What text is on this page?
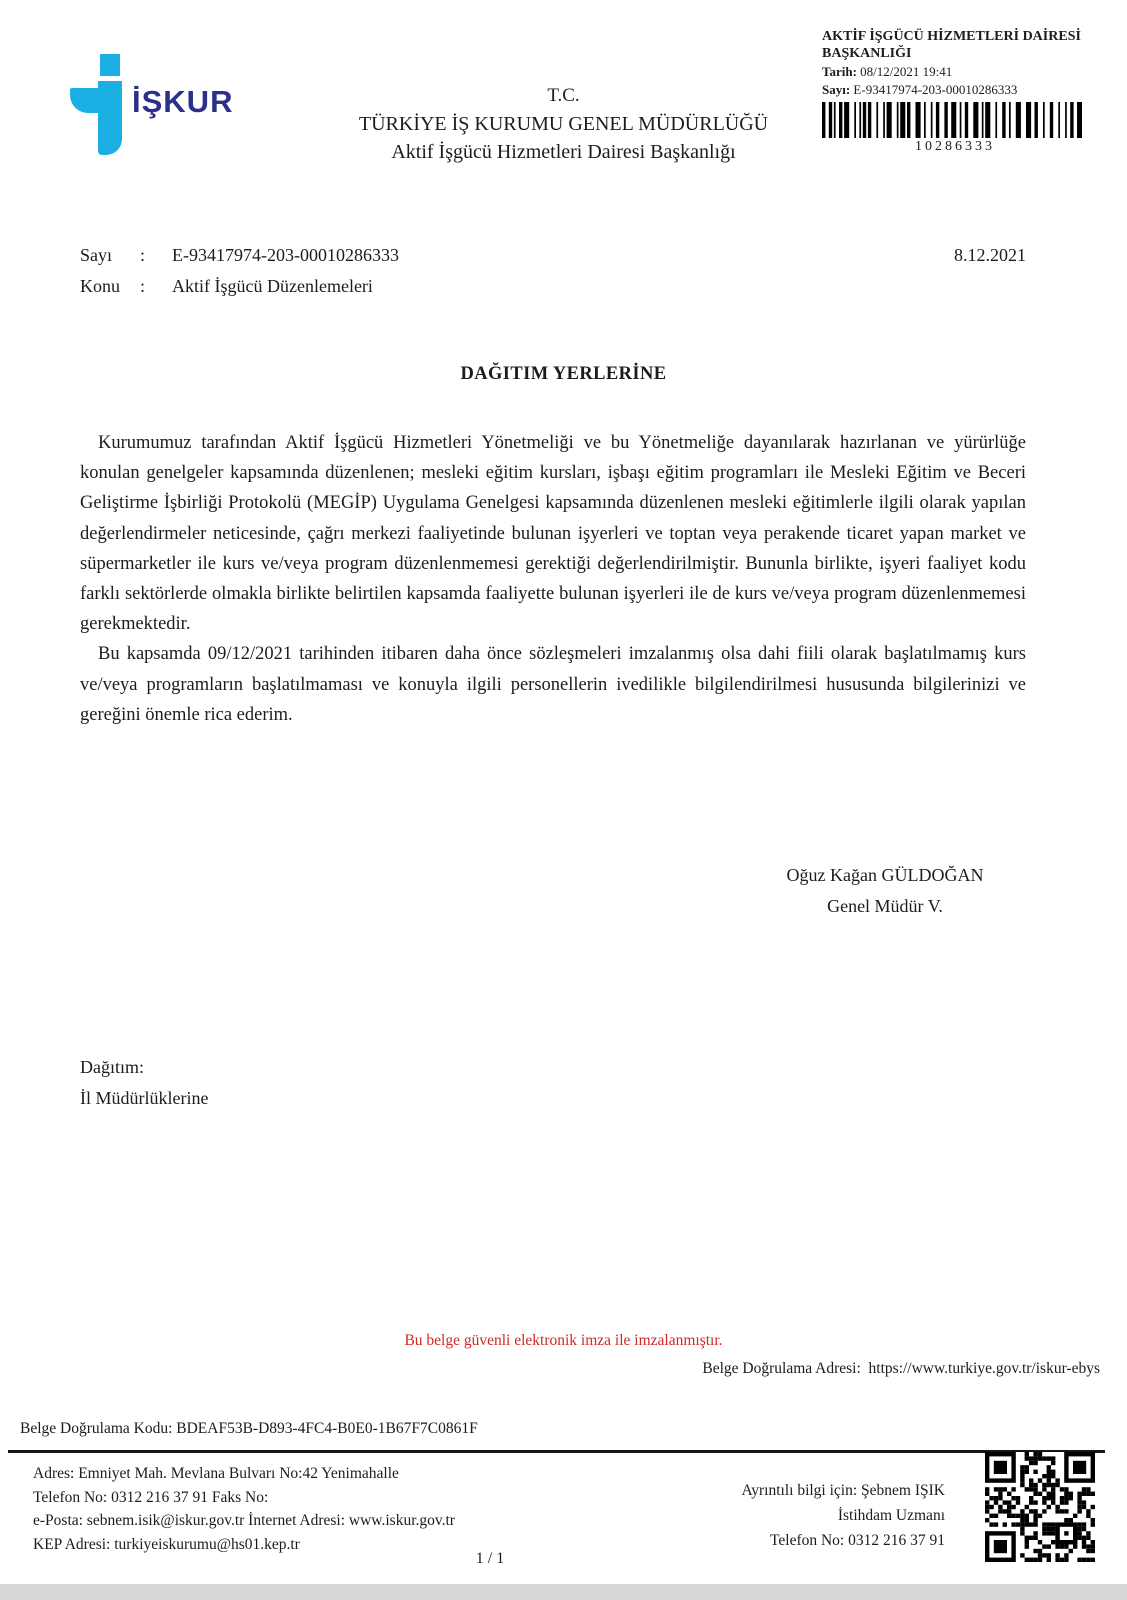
İŞKUR	T.C.
TÜRKİYE İŞ KURUMU GENEL MÜDÜRLÜĞÜ
Aktif İşgücü Hizmetleri Dairesi Başkanlığı
AKTİF İŞGÜCÜ HİZMETLERİ DAİRESİ
BAŞKANLIĞI
Tarih: 08/12/2021 19:41
Sayı: E-93417974-203-00010286333
10286333
Sayı	:	E-93417974-203-00010286333	8.12.2021
Konu	:	Aktif İşgücü Düzenlemeleri
DAĞITIM YERLERİNE

Kurumumuz tarafından Aktif İşgücü Hizmetleri Yönetmeliği ve bu Yönetmeliğe dayanılarak hazırlanan ve yürürlüğe konulan genelgeler kapsamında düzenlenen; mesleki eğitim kursları, işbaşı eğitim programları ile Mesleki Eğitim ve Beceri Geliştirme İşbirliği Protokolü (MEGİP) Uygulama Genelgesi kapsamında düzenlenen mesleki eğitimlerle ilgili olarak yapılan değerlendirmeler neticesinde, çağrı merkezi faaliyetinde bulunan işyerleri ve toptan veya perakende ticaret yapan market ve süpermarketler ile kurs ve/veya program düzenlenmemesi gerektiği değerlendirilmiştir. Bununla birlikte, işyeri faaliyet kodu farklı sektörlerde olmakla birlikte belirtilen kapsamda faaliyette bulunan işyerleri ile de kurs ve/veya program düzenlenmemesi gerekmektedir.

Bu kapsamda 09/12/2021 tarihinden itibaren daha önce sözleşmeleri imzalanmış olsa dahi fiili olarak başlatılmamış kurs ve/veya programların başlatılmaması ve konuyla ilgili personellerin ivedilikle bilgilendirilmesi hususunda bilgilerinizi ve gereğini önemle rica ederim.

Oğuz Kağan GÜLDOĞAN
Genel Müdür V.
Dağıtım:
İl Müdürlüklerine
Bu belge güvenli elektronik imza ile imzalanmıştır.
Belge Doğrulama Adresi: https://www.turkiye.gov.tr/iskur-ebys
Belge Doğrulama Kodu: BDEAF53B-D893-4FC4-B0E0-1B67F7C0861F
Adres: Emniyet Mah. Mevlana Bulvarı No:42 Yenimahalle
Telefon No: 0312 216 37 91 Faks No:
e-Posta: sebnem.isik@iskur.gov.tr İnternet Adresi: www.iskur.gov.tr
KEP Adresi: turkiyeiskurumu@hs01.kep.tr
Ayrıntılı bilgi için: Şebnem IŞIK
İstihdam Uzmanı
Telefon No: 0312 216 37 91
1 / 1
